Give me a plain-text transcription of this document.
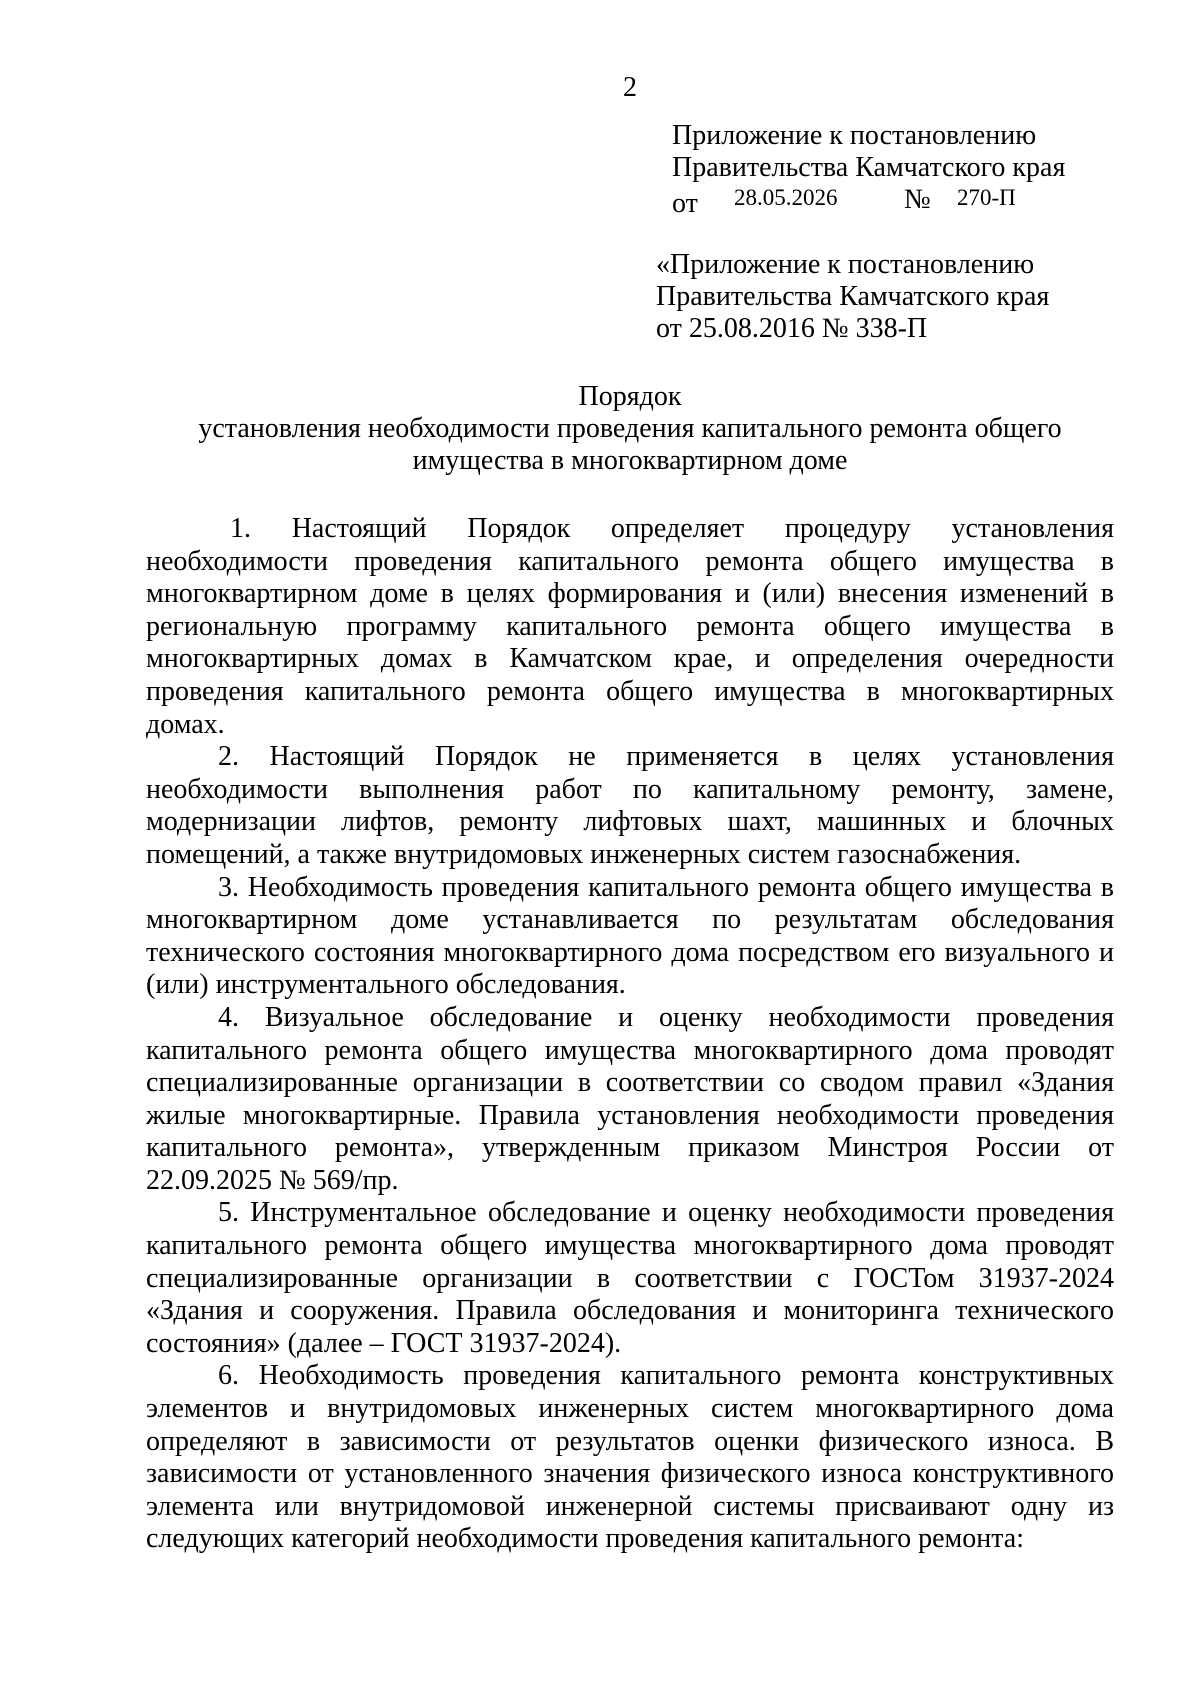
2
Приложение к постановлению
Правительства Камчатского края
от 28.05.2026 № 270-П
«Приложение к постановлению
Правительства Камчатского края
от 25.08.2016 № 338-П
Порядок
установления необходимости проведения капитального ремонта общего
имущества в многоквартирном доме

1. Настоящий Порядок определяет процедуру установления необходимости проведения капитального ремонта общего имущества в многоквартирном доме в целях формирования и (или) внесения изменений в региональную программу капитального ремонта общего имущества в многоквартирных домах в Камчатском крае, и определения очередности проведения капитального ремонта общего имущества в многоквартирных домах.

2. Настоящий Порядок не применяется в целях установления необходимости выполнения работ по капитальному ремонту, замене, модернизации лифтов, ремонту лифтовых шахт, машинных и блочных помещений, а также внутридомовых инженерных систем газоснабжения.

3. Необходимость проведения капитального ремонта общего имущества в многоквартирном доме устанавливается по результатам обследования технического состояния многоквартирного дома посредством его визуального и (или) инструментального обследования.

4. Визуальное обследование и оценку необходимости проведения капитального ремонта общего имущества многоквартирного дома проводят специализированные организации в соответствии со сводом правил «Здания жилые многоквартирные. Правила установления необходимости проведения капитального ремонта», утвержденным приказом Минстроя России от 22.09.2025 № 569/пр.

5. Инструментальное обследование и оценку необходимости проведения капитального ремонта общего имущества многоквартирного дома проводят специализированные организации в соответствии с ГОСТом 31937-2024 «Здания и сооружения. Правила обследования и мониторинга технического состояния» (далее – ГОСТ 31937-2024).

6. Необходимость проведения капитального ремонта конструктивных элементов и внутридомовых инженерных систем многоквартирного дома определяют в зависимости от результатов оценки физического износа. В зависимости от установленного значения физического износа конструктивного элемента или внутридомовой инженерной системы присваивают одну из следующих категорий необходимости проведения капитального ремонта:
